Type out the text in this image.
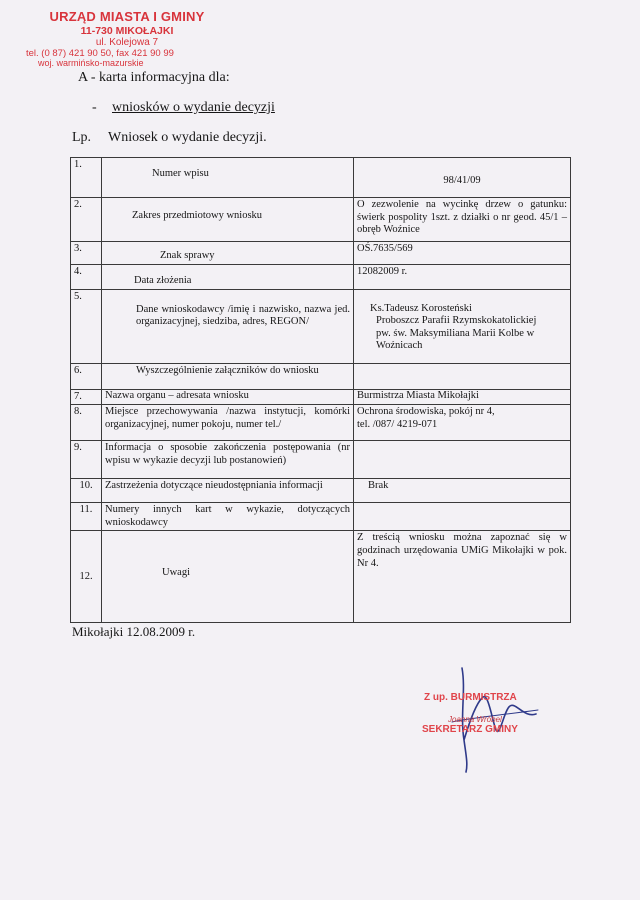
URZĄD MIASTA I GMINY
11-730 MIKOŁAJKI
ul. Kolejowa 7
tel. (0 87) 421 90 50, fax 421 90 99
woj. warmińsko-mazurskie
A - karta informacyjna dla:
- wniosków o wydanie decyzji
Lp. Wniosek o wydanie decyzji.
1.	Numer wpisu	98/41/09
2.	Zakres przedmiotowy wniosku	O zezwolenie na wycinkę drzew o gatunku: świerk pospolity 1szt. z działki o nr geod. 45/1 – obręb Woźnice
3.	Znak sprawy	OŚ.7635/569
4.	Data złożenia	12082009 r.
5.	Dane wnioskodawcy /imię i nazwisko, nazwa jed. organizacyjnej, siedziba, adres, REGON/	Ks.Tadeusz Korosteński
Proboszcz Parafii Rzymskokatolickiej
pw. św. Maksymiliana Marii Kolbe w Woźnicach

6.	Wyszczególnienie załączników do wniosku	
7.	Nazwa organu – adresata wniosku	Burmistrza Miasta Mikołajki
8.	Miejsce przechowywania /nazwa instytucji, komórki organizacyjnej, numer pokoju, numer tel./	Ochrona środowiska, pokój nr 4,
tel. /087/ 4219-071

9.	Informacja o sposobie zakończenia postępowania (nr wpisu w wykazie decyzji lub postanowień)	
10.	Zastrzeżenia dotyczące nieudostępniania informacji	Brak
11.	Numery innych kart w wykazie, dotyczących wnioskodawcy	
12.	Uwagi	Z treścią wniosku można zapoznać się w godzinach urzędowania UMiG Mikołajki w pok. Nr 4.
Mikołajki 12.08.2009 r.
Z up. BURMISTRZA
Joanna Wróbel
SEKRETARZ GMINY
